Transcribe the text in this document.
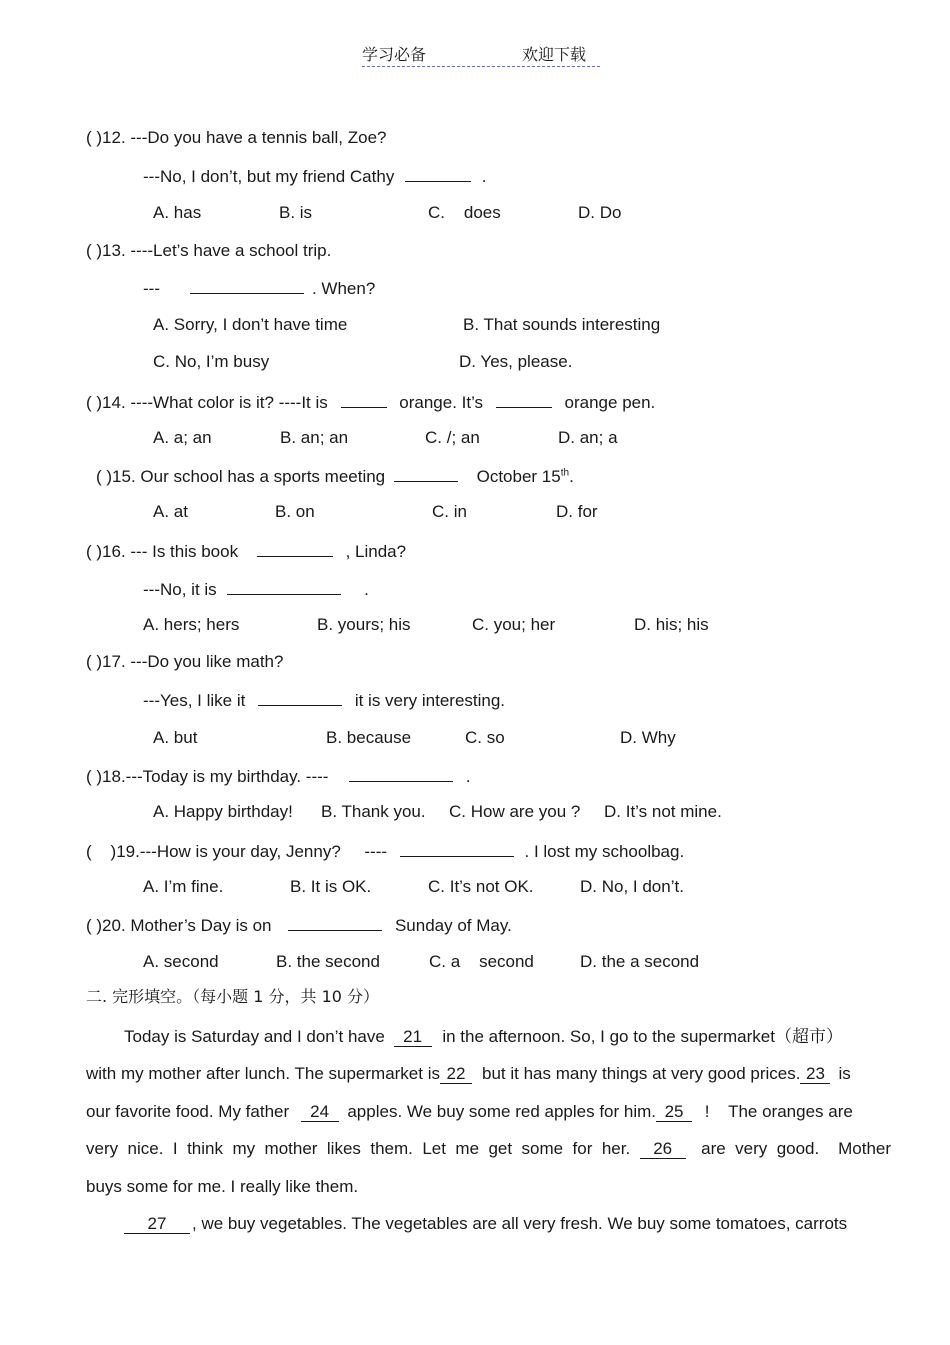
学习必备	欢迎下载
( )12. ---Do you have a tennis ball, Zoe?
---No, I don’t, but my friend Cathy	.
A. has	B. is	C.    does	D. Do
( )13. ----Let’s have a school trip.
---	. When?
A. Sorry, I don’t have time	B. That sounds interesting
C. No, I’m busy	D. Yes, please.
( )14. ----What color is it? ----It is	orange. It’s	orange pen.
A. a; an	B. an; an	C. /; an	D. an; a
( )15. Our school has a sports meeting	October 15th.
A. at	B. on	C. in	D. for
( )16. --- Is this book	, Linda?
---No, it is	.
A. hers; hers	B. yours; his	C. you; her	D. his; his
( )17. ---Do you like math?
---Yes, I like it	it is very interesting.
A. but	B. because	C. so	D. Why
( )18.---Today is my birthday. ----	.
A. Happy birthday! B. Thank you. C. How are you ? D. It’s not mine.
(    )19.---How is your day, Jenny?     ----	. I lost my schoolbag.
A. I’m fine.	B. It is OK.	C. It’s not OK.	D. No, I don’t.
( )20. Mother’s Day is on	Sunday of May.
A. second	B. the second	C. a    second	D. the a second
二. 完形填空。（每小题 1 分，共 10 分）
Today is Saturday and I don’t have 21 in the afternoon. So, I go to the supermarket（超市）
with my mother after lunch. The supermarket is 22 but it has many things at very good prices. 23 is
our favorite food. My father 24 apples. We buy some red apples for him. 25 !    The oranges are
very  nice.  I  think  my  mother  likes  them.  Let  me  get  some  for  her. 26 are  very  good.    Mother
buys some for me. I really like them.
27 , we buy vegetables. The vegetables are all very fresh. We buy some tomatoes, carrots
